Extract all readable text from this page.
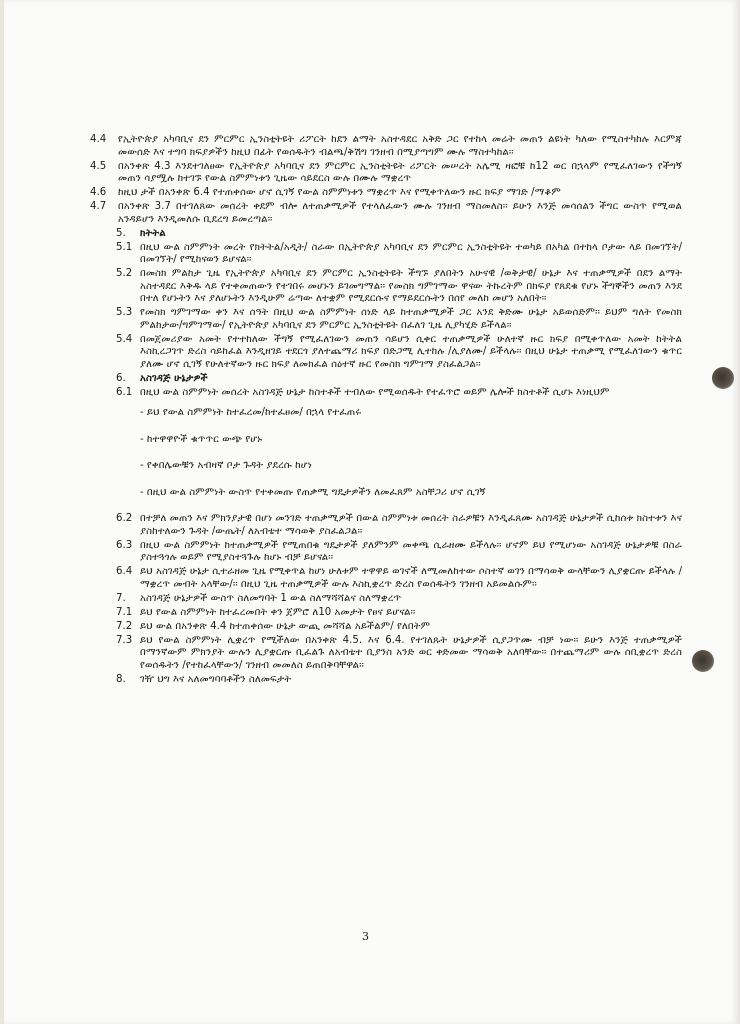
4.4	የኢትዮጵያ አካባቢና ደን ምርምር ኢንስቲትዩት ሪፖርት ከደን ልማት አስተዳደር አቅድ ጋር የተከላ መሬት መጠን ልዩነት ካለው የሚስተካከሉ እርምጃ መውሰድ እና ተግባ ክፍያዎችን ከዚህ በፊት የወሰዱትን ብልጫ/ቅሽግ ገንዘብ በሚያጣግም ሙሉ ማስተካከል፡፡
4.5	በአንቀጽ 4.3 እንደተገለፀው የኢትዮጵያ አካባቢና ደን ምርምር ኢንስቲትዩት ሪፖርት መሠረት አሌሚ ዛፎቹ ከ12 ወር በኋላም የሚፈለገውን የችግኝ መጠን ሳያሟሉ ከተገኙ የውል ስምምነቱን ጊዜው ሳይደርስ ውሉ በሙሉ ማቋረጥ
4.6	ከዚህ ታች በአንቀጽ 6.4 የተጠቀሰው ሆኖ ሲገኝ የውል ስምምነቱን ማቋረጥ እና የሚቀጥለውን ዙር ክፍያ ማገድ /ማቆም
4.7	በአንቀጽ 3.7 በተገለጸው መሰረት ቀደም ብሎ ለተጠቃሚዎች የተላለፈውን ሙሉ ገንዘብ ማስመለስ፡፡ ይሁን እንጅ መሳሰልን ችግር ውስጥ የሚወል አንዳይሆን እንዲመለሱ ቢደረግ ይመረጣል፡፡
5.	ክትትል
5.1 በዚህ ውል ስምምነት መረት የክትትል/አዲት/ ስራው በኢትዮጵያ አካባቢና ደን ምርምር ኢንስቲትዩት ተወካይ በአካል በተከላ ቦታው ላይ በመገኘት/በመገኘት/ የሚከናወን ይሆናል፡፡
5.2 በመስክ ምልከታ ጊዜ የኢትዮጵያ አካባቢና ደን ምርምር ኢንስቲትዩት ችግኙ ያለበትን አሁናዊ /ወቅታዊ/ ሁኔታ እና ተጠቃሚዎች በደን ልማት አስተዳደር እቅዱ ላይ የተቀመጠውን የተገበሩ መሆኑን ይገመግማል፡፡ የመስክ ግምገማው ዋናው ትኩረትም በክፍያ የጸደቁ የሆኑ ችግኞችን መጠን እንደ በተለ የሆኑትን እና ያለሆኑትን እንዲሁም ሬጣው ለተቋም የሚደርሱና የማይደርሱትን በሰየ መለከ መሆን አለበት፡፡
5.3 የመስክ ግምገማው ቀን እና ሰዓት በዚህ ውል ስምምነት ሰነድ ላይ ከተጠቃሚዎች ጋር አንደ ቅድሙ ሁኔታ አይወሰድም፡፡ ይህም ግለት የመስክ ምልከታው/ግምገማው/ የኢትዮጵያ አካባቢና ደን ምርምር ኢንስቲትዩት በፈለገ ጊዜ ሊያካሂድ ይችላል፡፡
5.4 በመጀመሪያው አመት የተተከለው ችግኝ የሚፈለገውን መጠን ሳይሆን ሲቀር ተጠቃሚዎች ሁለተኛ ዙር ክፍያ በሚቀጥለው አመት ከትትል እስኪረጋገጥ ድረስ ሳይከፈል እንዲዘገይ ተደርጎ ያለተጨማሪ ክፍያ በድጋሚ ሊተከሉ /ሊያለሙ/ ይችላሉ፡፡ በዚህ ሁኔታ ተጠቃሚ የሚፈለገውን ቁጥር ያለሙ ሆኖ ሲገኝ የሁለተኛውን ዙር ክፍያ ለመክፈል ሰዕተኛ ዙር የመስክ ግምገማ ያስፈልጋል፡፡
6.	አስገዳጅ ሁኔታዎች
6.1 በዚህ ውል ስምምነት መሰረት አስገዳጅ ሁኔታ ከስተቶች ተብለው የሚወሰዱት የተፈጥሮ ወይም ሌሎች ክስተቶች ሲሆኑ እነዚህም
- ይህ የውል ስምምነት ከተፈረመ/ከተፈፀመ/ በኋላ የተፈጠሩ
- ከተዋዋዮች ቁጥጥር ውጭ የሆኑ
- የቀበሌውቹን አብዛኛ ቦታ ጉዳት ያደረሱ ከሆነ
- በዚህ ውል ስምምነት ውስጥ የተቀመጡ የጠቃሚ ግዴታዎችን ለመፈጸም አስቸጋሪ ሆኖ ሲገኝ
6.2 በተቻለ መጠን እና ምክንያታዊ በሆነ መንገድ ተጠቃሚዎች በውል ስምምነቱ መሰረት ስራዎቹን እንዲፈጸሙ አስገዳጅ ሁኔታዎች ሲከሰቱ ክስተቱን እና ያስከተለውን ጉዳት /ውጤት/ ለአብቴተ ማሳወቅ ያስፈልጋል፡፡
6.3 በዚህ ውል ስምምነት ከተጠቃሚዎች የሚጠበቁ ግዴታዎች ያለምንም መቀጫ ሲራዘሙ ይችላሉ፡፡ ሆኖም ይህ የሚሆነው አስገዳጅ ሁኔታዎቹ በስራ ያስተጓጎሉ ወይም የሚያስተጓጉሉ ከሆኑ ብቻ ይሆናል፡፡
6.4 ይህ አስገዳጅ ሁኔታ ሲተራዘመ ጊዜ የሚቀጥል ከሆነ ሁለቱም ተዋዋይ ወገኖች ለሚመለከተው ሶስተኛ ወገን በማሳወቅ ውላቸውን ሊያቋርጡ ይችላሉ /ማቋረጥ መብት አላቸው/፡፡ በዚህ ጊዜ ተጠቃሚዎች ውሉ እስኪቋረጥ ድረስ የወሰዱትን ገንዘብ አይመልሱም፡፡
7.	አስገዳጅ ሁኔታዎች ውስጥ ስለመግባት 1 ውል ስለማሻሻልና ስለማቋረጥ
7.1 ይህ የውል ስምምነት ከተፈረመበት ቀን ጀምሮ ለ10 አመታት የፀና ይሆናል፡፡
7.2 ይህ ውል በአንቀጽ 4.4 ከተጠቀሰው ሁኔታ ውጪ መሻሻል አይችልም/ የለበትም
7.3 ይህ የውል ስምምነት ሊቋረጥ የሚችለው በአንቀጽ 4.5. እና 6.4. የተገለጹት ሁኔታዎች ሲያጋጥሙ ብቻ ነው፡፡ ይሁን እንጅ ተጠቃሚዎች በማንኛውም ምክንያት ውሉን ሊያቋርጡ ቢፈልጉ ለአብቴተ ቢያንስ አንድ ወር ቀድመው ማሳወቅ አለባቸው፡፡ በተጨማሪም ውሉ ሰቢቋረጥ ድረስ የወሰዱትን /የተከፈላቸውን/ ገንዘብ መመለስ ይጠበቅባቸዋል፡፡
8.	ገዥ ህግ እና አለመግባባቶችን ስለመፍታት
3
